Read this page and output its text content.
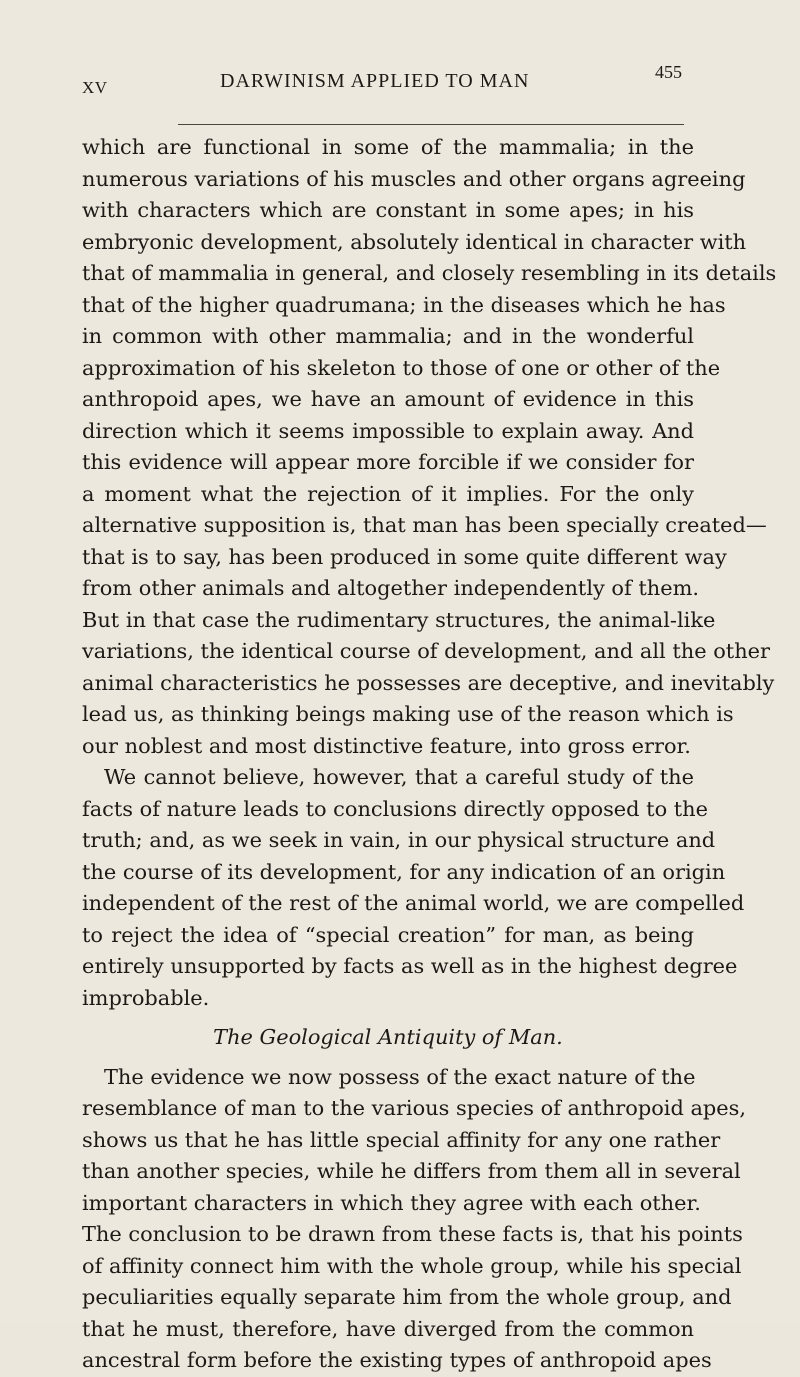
XV	DARWINISM APPLIED TO MAN	455
which are functional in some of the mammalia; in the
numerous variations of his muscles and other organs agreeing
with characters which are constant in some apes; in his
embryonic development, absolutely identical in character with
that of mammalia in general, and closely resembling in its details
that of the higher quadrumana; in the diseases which he has
in common with other mammalia; and in the wonderful
approximation of his skeleton to those of one or other of the
anthropoid apes, we have an amount of evidence in this
direction which it seems impossible to explain away. And
this evidence will appear more forcible if we consider for
a moment what the rejection of it implies. For the only
alternative supposition is, that man has been specially created—
that is to say, has been produced in some quite different way
from other animals and altogether independently of them.
But in that case the rudimentary structures, the animal-like
variations, the identical course of development, and all the other
animal characteristics he possesses are deceptive, and inevitably
lead us, as thinking beings making use of the reason which is
our noblest and most distinctive feature, into gross error.
We cannot believe, however, that a careful study of the
facts of nature leads to conclusions directly opposed to the
truth; and, as we seek in vain, in our physical structure and
the course of its development, for any indication of an origin
independent of the rest of the animal world, we are compelled
to reject the idea of “special creation” for man, as being
entirely unsupported by facts as well as in the highest degree
improbable.
The Geological Antiquity of Man.
The evidence we now possess of the exact nature of the
resemblance of man to the various species of anthropoid apes,
shows us that he has little special affinity for any one rather
than another species, while he differs from them all in several
important characters in which they agree with each other.
The conclusion to be drawn from these facts is, that his points
of affinity connect him with the whole group, while his special
peculiarities equally separate him from the whole group, and
that he must, therefore, have diverged from the common
ancestral form before the existing types of anthropoid apes
